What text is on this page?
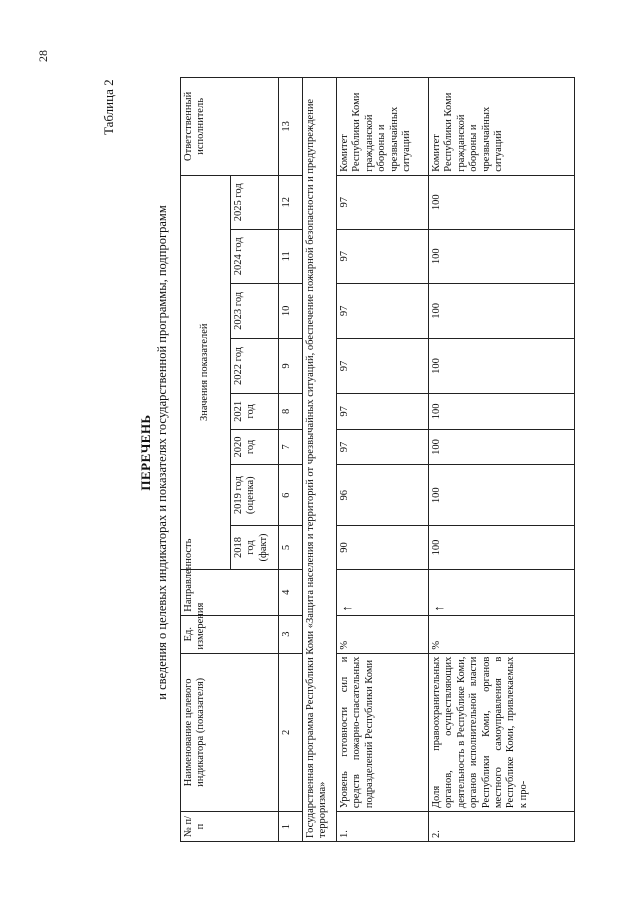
28
Таблица 2
ПЕРЕЧЕНЬ и сведения о целевых индикаторах и показателях государственной программы, подпрограмм
№ п/п	Наименование целевого индикатора (показателя)	Ед. измерения	Направленность	Значения показателей								Ответственный исполнитель
				2018 год (факт)	2019 год (оценка)	2020 год	2021 год	2022 год	2023 год	2024 год	2025 год	
1	2	3	4	5	6	7	8	9	10	11	12	13
Государственная программа Республики Коми «Защита населения и территорий от чрезвычайных ситуаций, обеспечение пожарной безопасности и предупреждение терроризма»												
1.	Уровень готовности сил и средств пожарно-спасательных подразделений Республики Коми	%	↑	90	96	97	97	97	97	97	97	Комитет Республики Коми гражданской обороны и чрезвычайных ситуаций
2.	Доля правоохранительных органов, осуществляющих деятельность в Республике Коми, органов исполнительной власти Республики Коми, органов местного самоуправления в Республике Коми, привлекаемых к про-	%	↑	100	100	100	100	100	100	100	100	Комитет Республики Коми гражданской обороны и чрезвычайных ситуаций
